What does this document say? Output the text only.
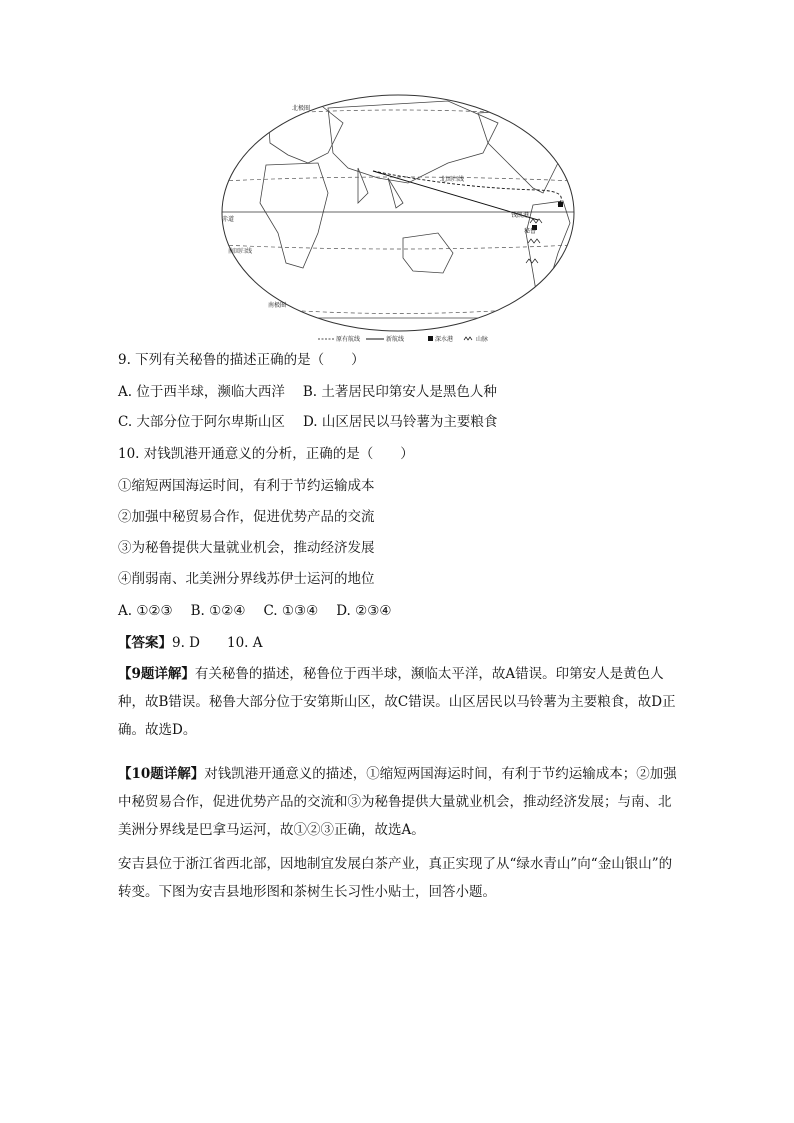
北极圈
北回归线
赤道
南回归线
南极圈
钱凯港
秘鲁
原有航线	新航线	深水港	山脉
9. 下列有关秘鲁的描述正确的是（　　）
A. 位于西半球，濒临大西洋 B. 土著居民印第安人是黑色人种
C. 大部分位于阿尔卑斯山区 D. 山区居民以马铃薯为主要粮食
10. 对钱凯港开通意义的分析，正确的是（　　）
①缩短两国海运时间，有利于节约运输成本
②加强中秘贸易合作，促进优势产品的交流
③为秘鲁提供大量就业机会，推动经济发展
④削弱南、北美洲分界线苏伊士运河的地位
A. ①②③ B. ①②④ C. ①③④ D. ②③④
【答案】9. D　　10. A
【9题详解】有关秘鲁的描述，秘鲁位于西半球，濒临太平洋，故A错误。印第安人是黄色人种，故B错误。秘鲁大部分位于安第斯山区，故C错误。山区居民以马铃薯为主要粮食，故D正确。故选D。
【10题详解】对钱凯港开通意义的描述，①缩短两国海运时间，有利于节约运输成本；②加强中秘贸易合作，促进优势产品的交流和③为秘鲁提供大量就业机会，推动经济发展；与南、北美洲分界线是巴拿马运河，故①②③正确，故选A。
安吉县位于浙江省西北部，因地制宜发展白茶产业，真正实现了从“绿水青山”向“金山银山”的转变。下图为安吉县地形图和茶树生长习性小贴士，回答小题。
